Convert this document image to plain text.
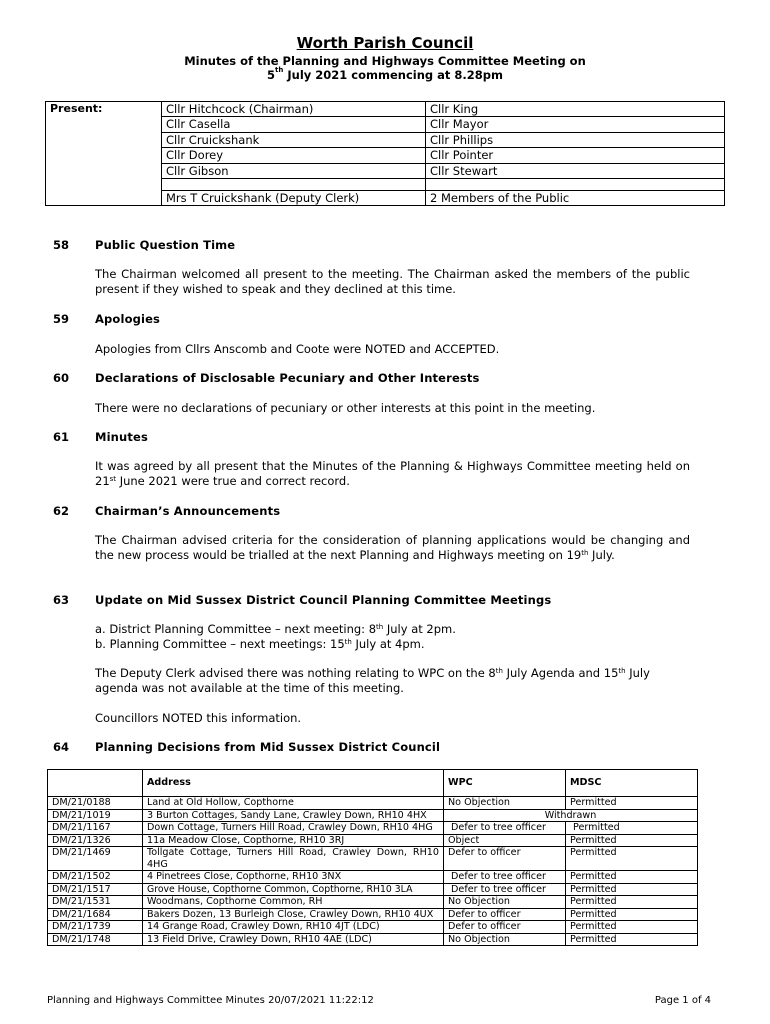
Worth Parish Council
Minutes of the Planning and Highways Committee Meeting on
5th July 2021 commencing at 8.28pm
Present:	Cllr Hitchcock (Chairman)	Cllr King
	Cllr Casella	Cllr Mayor
	Cllr Cruickshank	Cllr Phillips
	Cllr Dorey	Cllr Pointer
	Cllr Gibson	Cllr Stewart

	Mrs T Cruickshank (Deputy Clerk)	2 Members of the Public
58 Public Question Time
The Chairman welcomed all present to the meeting. The Chairman asked the members of the public present if they wished to speak and they declined at this time.
59 Apologies
Apologies from Cllrs Anscomb and Coote were NOTED and ACCEPTED.
60 Declarations of Disclosable Pecuniary and Other Interests
There were no declarations of pecuniary or other interests at this point in the meeting.
61 Minutes
It was agreed by all present that the Minutes of the Planning & Highways Committee meeting held on 21st June 2021 were true and correct record.
62 Chairman’s Announcements
The Chairman advised criteria for the consideration of planning applications would be changing and the new process would be trialled at the next Planning and Highways meeting on 19th July.
63 Update on Mid Sussex District Council Planning Committee Meetings
a. District Planning Committee – next meeting: 8th July at 2pm.
b. Planning Committee – next meetings: 15th July at 4pm.
The Deputy Clerk advised there was nothing relating to WPC on the 8th July Agenda and 15th July agenda was not available at the time of this meeting.
Councillors NOTED this information.
64 Planning Decisions from Mid Sussex District Council
	Address	WPC	MDSC
DM/21/0188	Land at Old Hollow, Copthorne	No Objection	Permitted
DM/21/1019	3 Burton Cottages, Sandy Lane, Crawley Down, RH10 4HX	Withdrawn	
DM/21/1167	Down Cottage, Turners Hill Road, Crawley Down, RH10 4HG	Defer to tree officer	Permitted
DM/21/1326	11a Meadow Close, Copthorne, RH10 3RJ	Object	Permitted
DM/21/1469	Tollgate Cottage, Turners Hill Road, Crawley Down, RH10 4HG	Defer to officer	Permitted
DM/21/1502	4 Pinetrees Close, Copthorne, RH10 3NX	Defer to tree officer	Permitted
DM/21/1517	Grove House, Copthorne Common, Copthorne, RH10 3LA	Defer to tree officer	Permitted
DM/21/1531	Woodmans, Copthorne Common, RH	No Objection	Permitted
DM/21/1684	Bakers Dozen, 13 Burleigh Close, Crawley Down, RH10 4UX	Defer to officer	Permitted
DM/21/1739	14 Grange Road, Crawley Down, RH10 4JT (LDC)	Defer to officer	Permitted
DM/21/1748	13 Field Drive, Crawley Down, RH10 4AE (LDC)	No Objection	Permitted
Planning and Highways Committee Minutes 20/07/2021 11:22:12	Page 1 of 4
